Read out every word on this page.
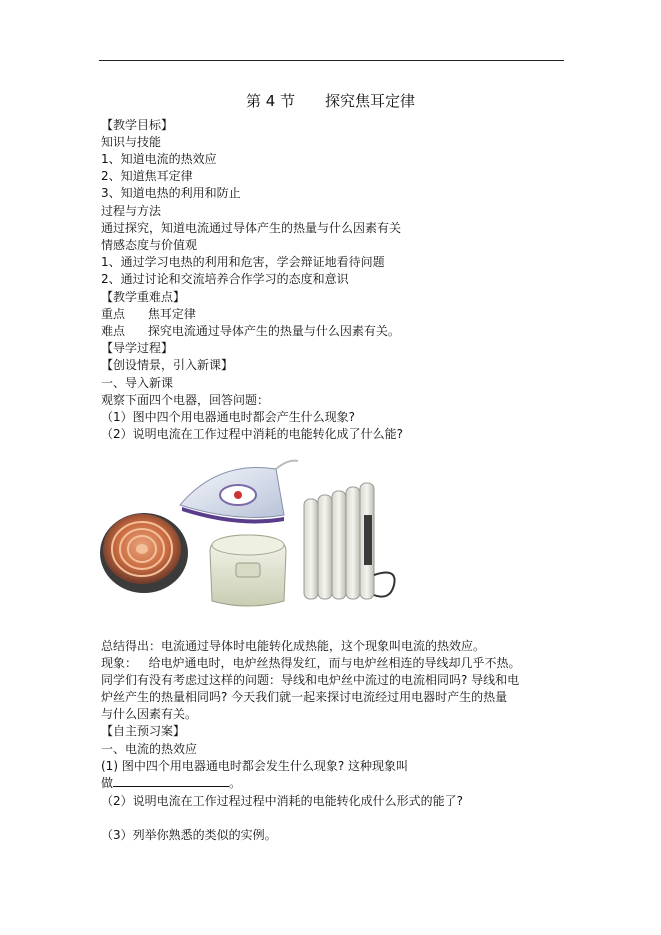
第 4 节 探究焦耳定律
【教学目标】
知识与技能
1、知道电流的热效应
2、知道焦耳定律
3、知道电热的利用和防止
过程与方法
通过探究，知道电流通过导体产生的热量与什么因素有关
情感态度与价值观
1、通过学习电热的利用和危害，学会辩证地看待问题
2、通过讨论和交流培养合作学习的态度和意识
【教学重难点】
重点      焦耳定律
难点      探究电流通过导体产生的热量与什么因素有关。
【导学过程】
【创设情景，引入新课】
一、导入新课
观察下面四个电器，回答问题：
（1）图中四个用电器通电时都会产生什么现象?
（2）说明电流在工作过程中消耗的电能转化成了什么能?
总结得出：电流通过导体时电能转化成热能，这个现象叫电流的热效应。
现象：   给电炉通电时，电炉丝热得发红，而与电炉丝相连的导线却几乎不热。
同学们有没有考虑过这样的问题：导线和电炉丝中流过的电流相同吗? 导线和电
炉丝产生的热量相同吗? 今天我们就一起来探讨电流经过用电器时产生的热量
与什么因素有关。
【自主预习案】
一、电流的热效应
(1) 图中四个用电器通电时都会发生什么现象? 这种现象叫
做	。
（2）说明电流在工作过程过程中消耗的电能转化成什么形式的能了?
（3）列举你熟悉的类似的实例。
